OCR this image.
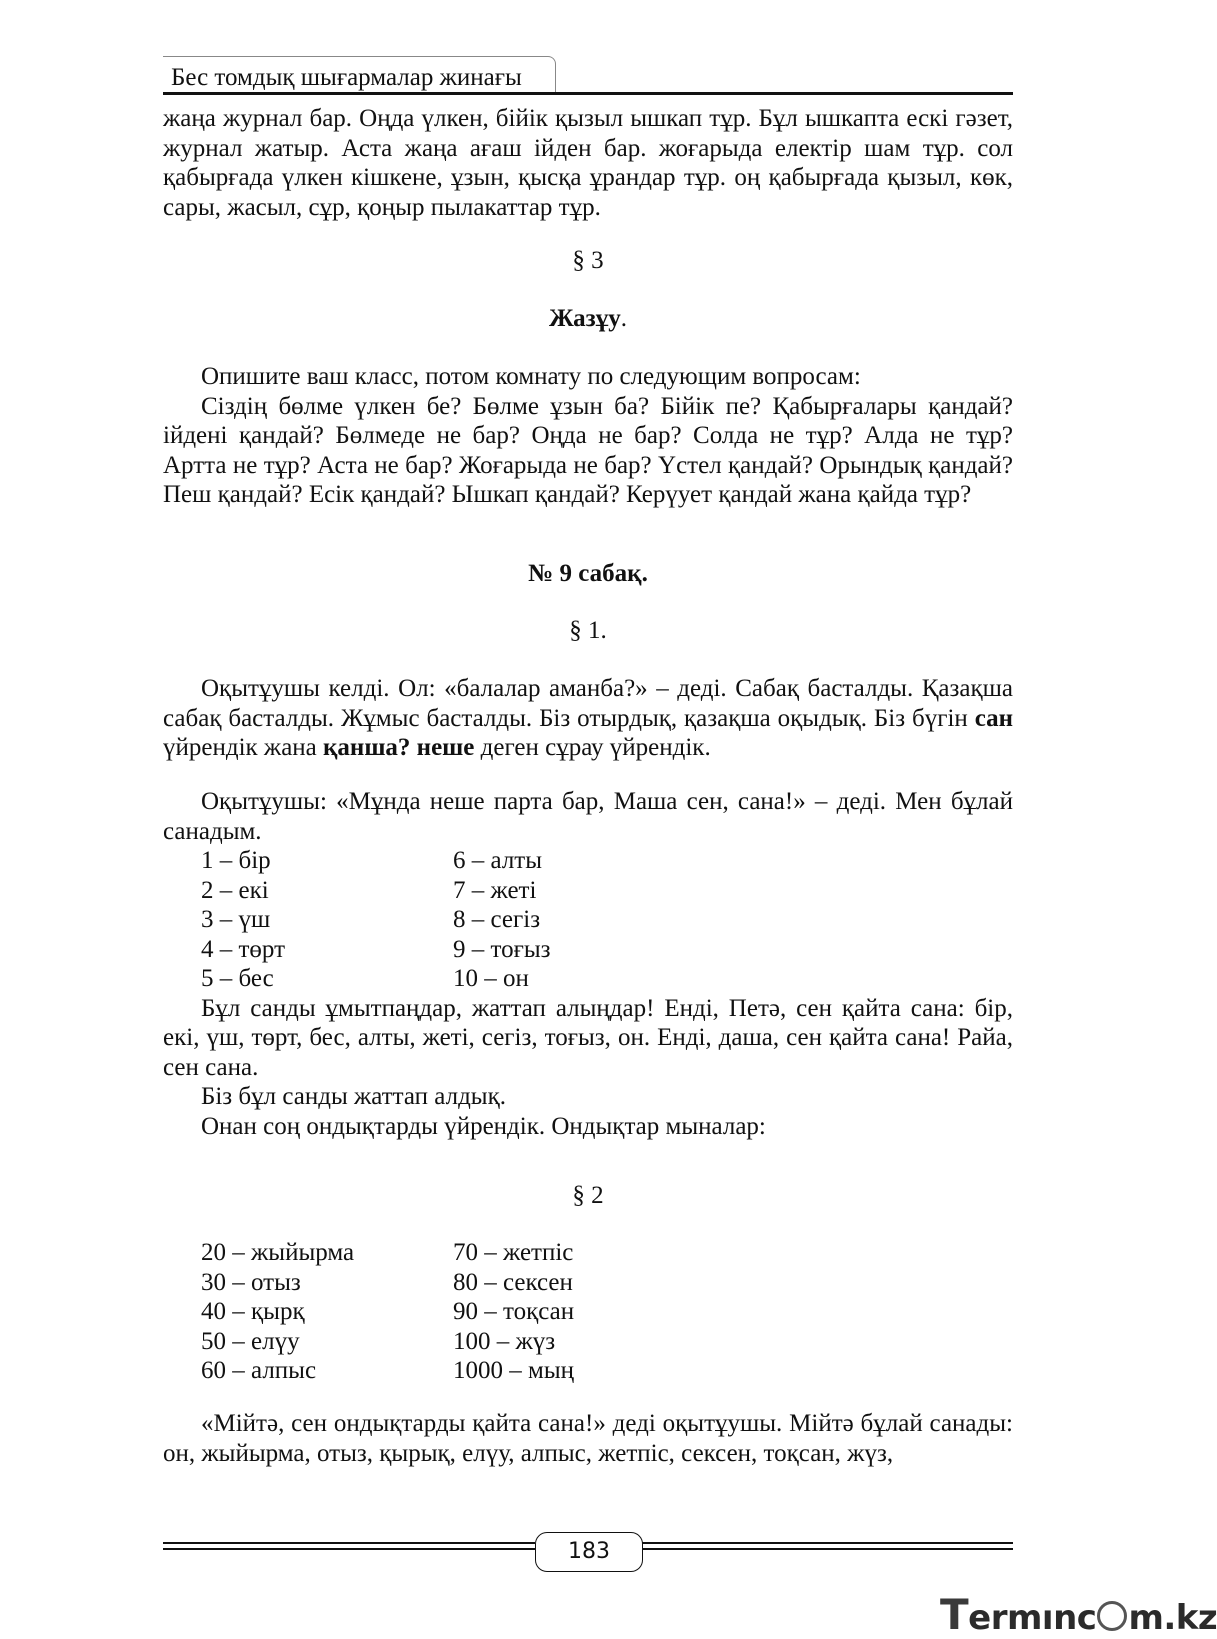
Бес томдық шығармалар жинағы

жаңа журнал бар. Оңда үлкен, бійік қызыл ышкап тұр. Бұл ышкапта ескі гәзет, журнал жатыр. Аста жаңа ағаш ійден бар. жоғарыда електір шам тұр. сол қабырғада үлкен кішкене, ұзын, қысқа ұрандар тұр. оң қабырғада қызыл, көк, сары, жасыл, сұр, қоңыр пылакаттар тұр.

§ 3

Жазұу.

Опишите ваш класс, потом комнату по следующим вопросам:

Сіздің бөлме үлкен бе? Бөлме ұзын ба? Бійік пе? Қабырғалары қандай? ійдені қандай? Бөлмеде не бар? Оңда не бар? Солда не тұр? Алда не тұр? Артта не тұр? Аста не бар? Жоғарыда не бар? Үстел қандай? Орындық қандай? Пеш қандай? Есік қандай? Ышкап қандай? Керүует қандай жана қайда тұр?

№ 9 сабақ.

§ 1.

Оқытұушы келді. Ол: «балалар аманба?» – деді. Сабақ басталды. Қазақша сабақ басталды. Жұмыс басталды. Біз отырдық, қазақша оқыдық. Біз бүгін сан үйрендік жана қанша? неше деген сұрау үйрендік.

Оқытұушы: «Мұнда неше парта бар, Маша сен, сана!» – деді. Мен бұлай санадым.

1 – бір	6 – алты
2 – екі	7 – жеті
3 – үш	8 – сегіз
4 – төрт	9 – тоғыз
5 – бес	10 – он

Бұл санды ұмытпаңдар, жаттап алыңдар! Енді, Петә, сен қайта сана: бір, екі, үш, төрт, бес, алты, жеті, сегіз, тоғыз, он. Енді, даша, сен қайта сана! Райа, сен сана.

Біз бұл санды жаттап алдық.

Онан соң ондықтарды үйрендік. Ондықтар мыналар:

§ 2

20 – жыйырма	70 – жетпіс
30 – отыз	80 – сексен
40 – қырқ	90 – тоқсан
50 – елүу	100 – жүз
60 – алпыс	1000 – мың

«Мійтә, сен ондықтарды қайта сана!» деді оқытұушы. Мійтә бұлай санады: он, жыйырма, отыз, қырық, елүу, алпыс, жетпіс, сексен, тоқсан, жүз,

183
Termınc m.kz
